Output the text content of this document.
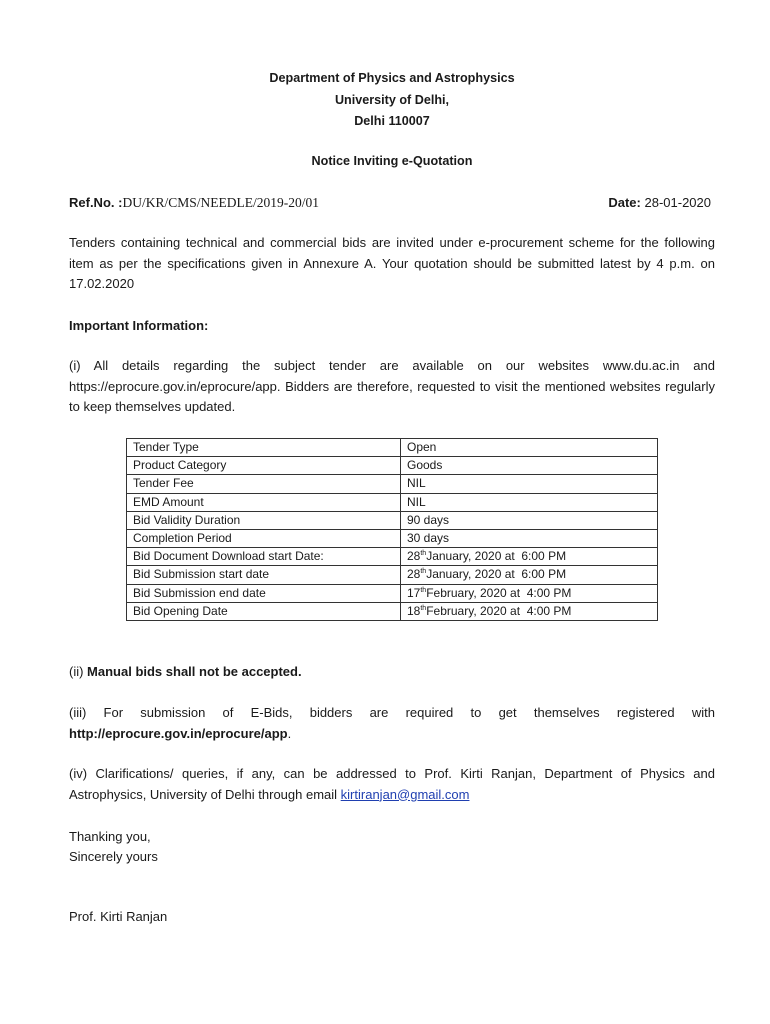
Department of Physics and Astrophysics
University of Delhi,
Delhi 110007
Notice Inviting e-Quotation
Ref.No. :DU/KR/CMS/NEEDLE/2019-20/01	Date: 28-01-2020
Tenders containing technical and commercial bids are invited under e-procurement scheme for the following item as per the specifications given in Annexure A. Your quotation should be submitted latest by 4 p.m. on 17.02.2020
Important Information:
(i) All details regarding the subject tender are available on our websites www.du.ac.in and https://eprocure.gov.in/eprocure/app. Bidders are therefore, requested to visit the mentioned websites regularly to keep themselves updated.
Tender Type	Open
Product Category	Goods
Tender Fee	NIL
EMD Amount	NIL
Bid Validity Duration	90 days
Completion Period	30 days
Bid Document Download start Date:	28thJanuary, 2020 at  6:00 PM
Bid Submission start date	28thJanuary, 2020 at  6:00 PM
Bid Submission end date	17thFebruary, 2020 at  4:00 PM
Bid Opening Date	18thFebruary, 2020 at  4:00 PM
(ii) Manual bids shall not be accepted.
(iii) For submission of E-Bids, bidders are required to get themselves registered with
http://eprocure.gov.in/eprocure/app.
(iv) Clarifications/ queries, if any, can be addressed to Prof. Kirti Ranjan, Department of Physics and Astrophysics, University of Delhi through email kirtiranjan@gmail.com
Thanking you,
Sincerely yours
Prof. Kirti Ranjan
